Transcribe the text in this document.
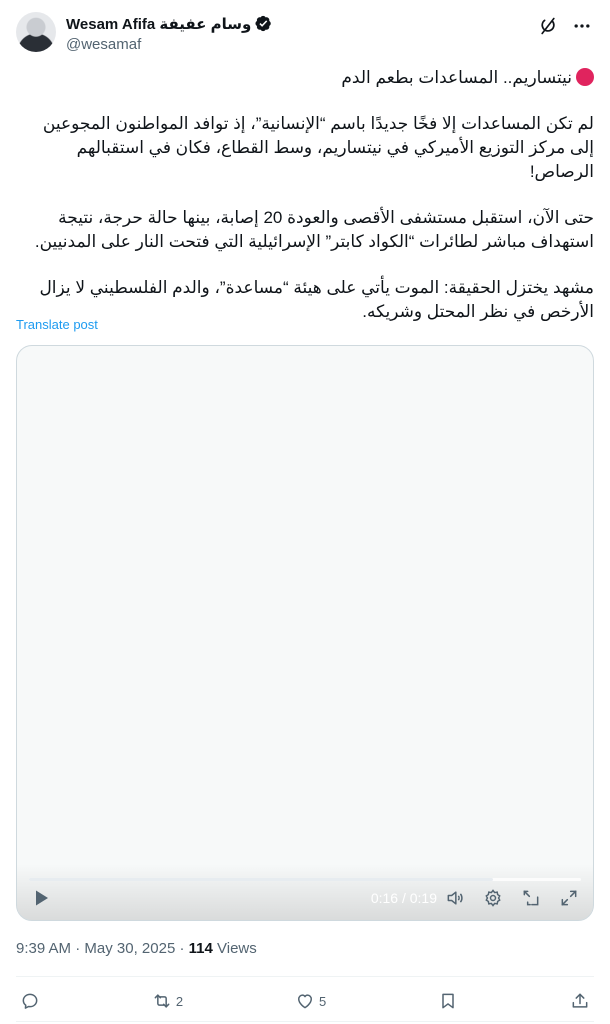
Wesam Afifa وسام عفيفة
@wesamaf

نيتساريم.. المساعدات بطعم الدم

لم تكن المساعدات إلا فخًا جديدًا باسم “الإنسانية”، إذ توافد المواطنون المجوعين إلى مركز التوزيع الأميركي في نيتساريم، وسط القطاع، فكان في استقبالهم الرصاص!

حتى الآن، استقبل مستشفى الأقصى والعودة 20 إصابة، بينها حالة حرجة، نتيجة استهداف مباشر لطائرات “الكواد كابتر” الإسرائيلية التي فتحت النار على المدنيين.

مشهد يختزل الحقيقة: الموت يأتي على هيئة “مساعدة”، والدم الفلسطيني لا يزال الأرخص في نظر المحتل وشريكه.

Translate post
0:16 / 0:19
9:39 AM · May 30, 2025 · 114 Views
2	5
